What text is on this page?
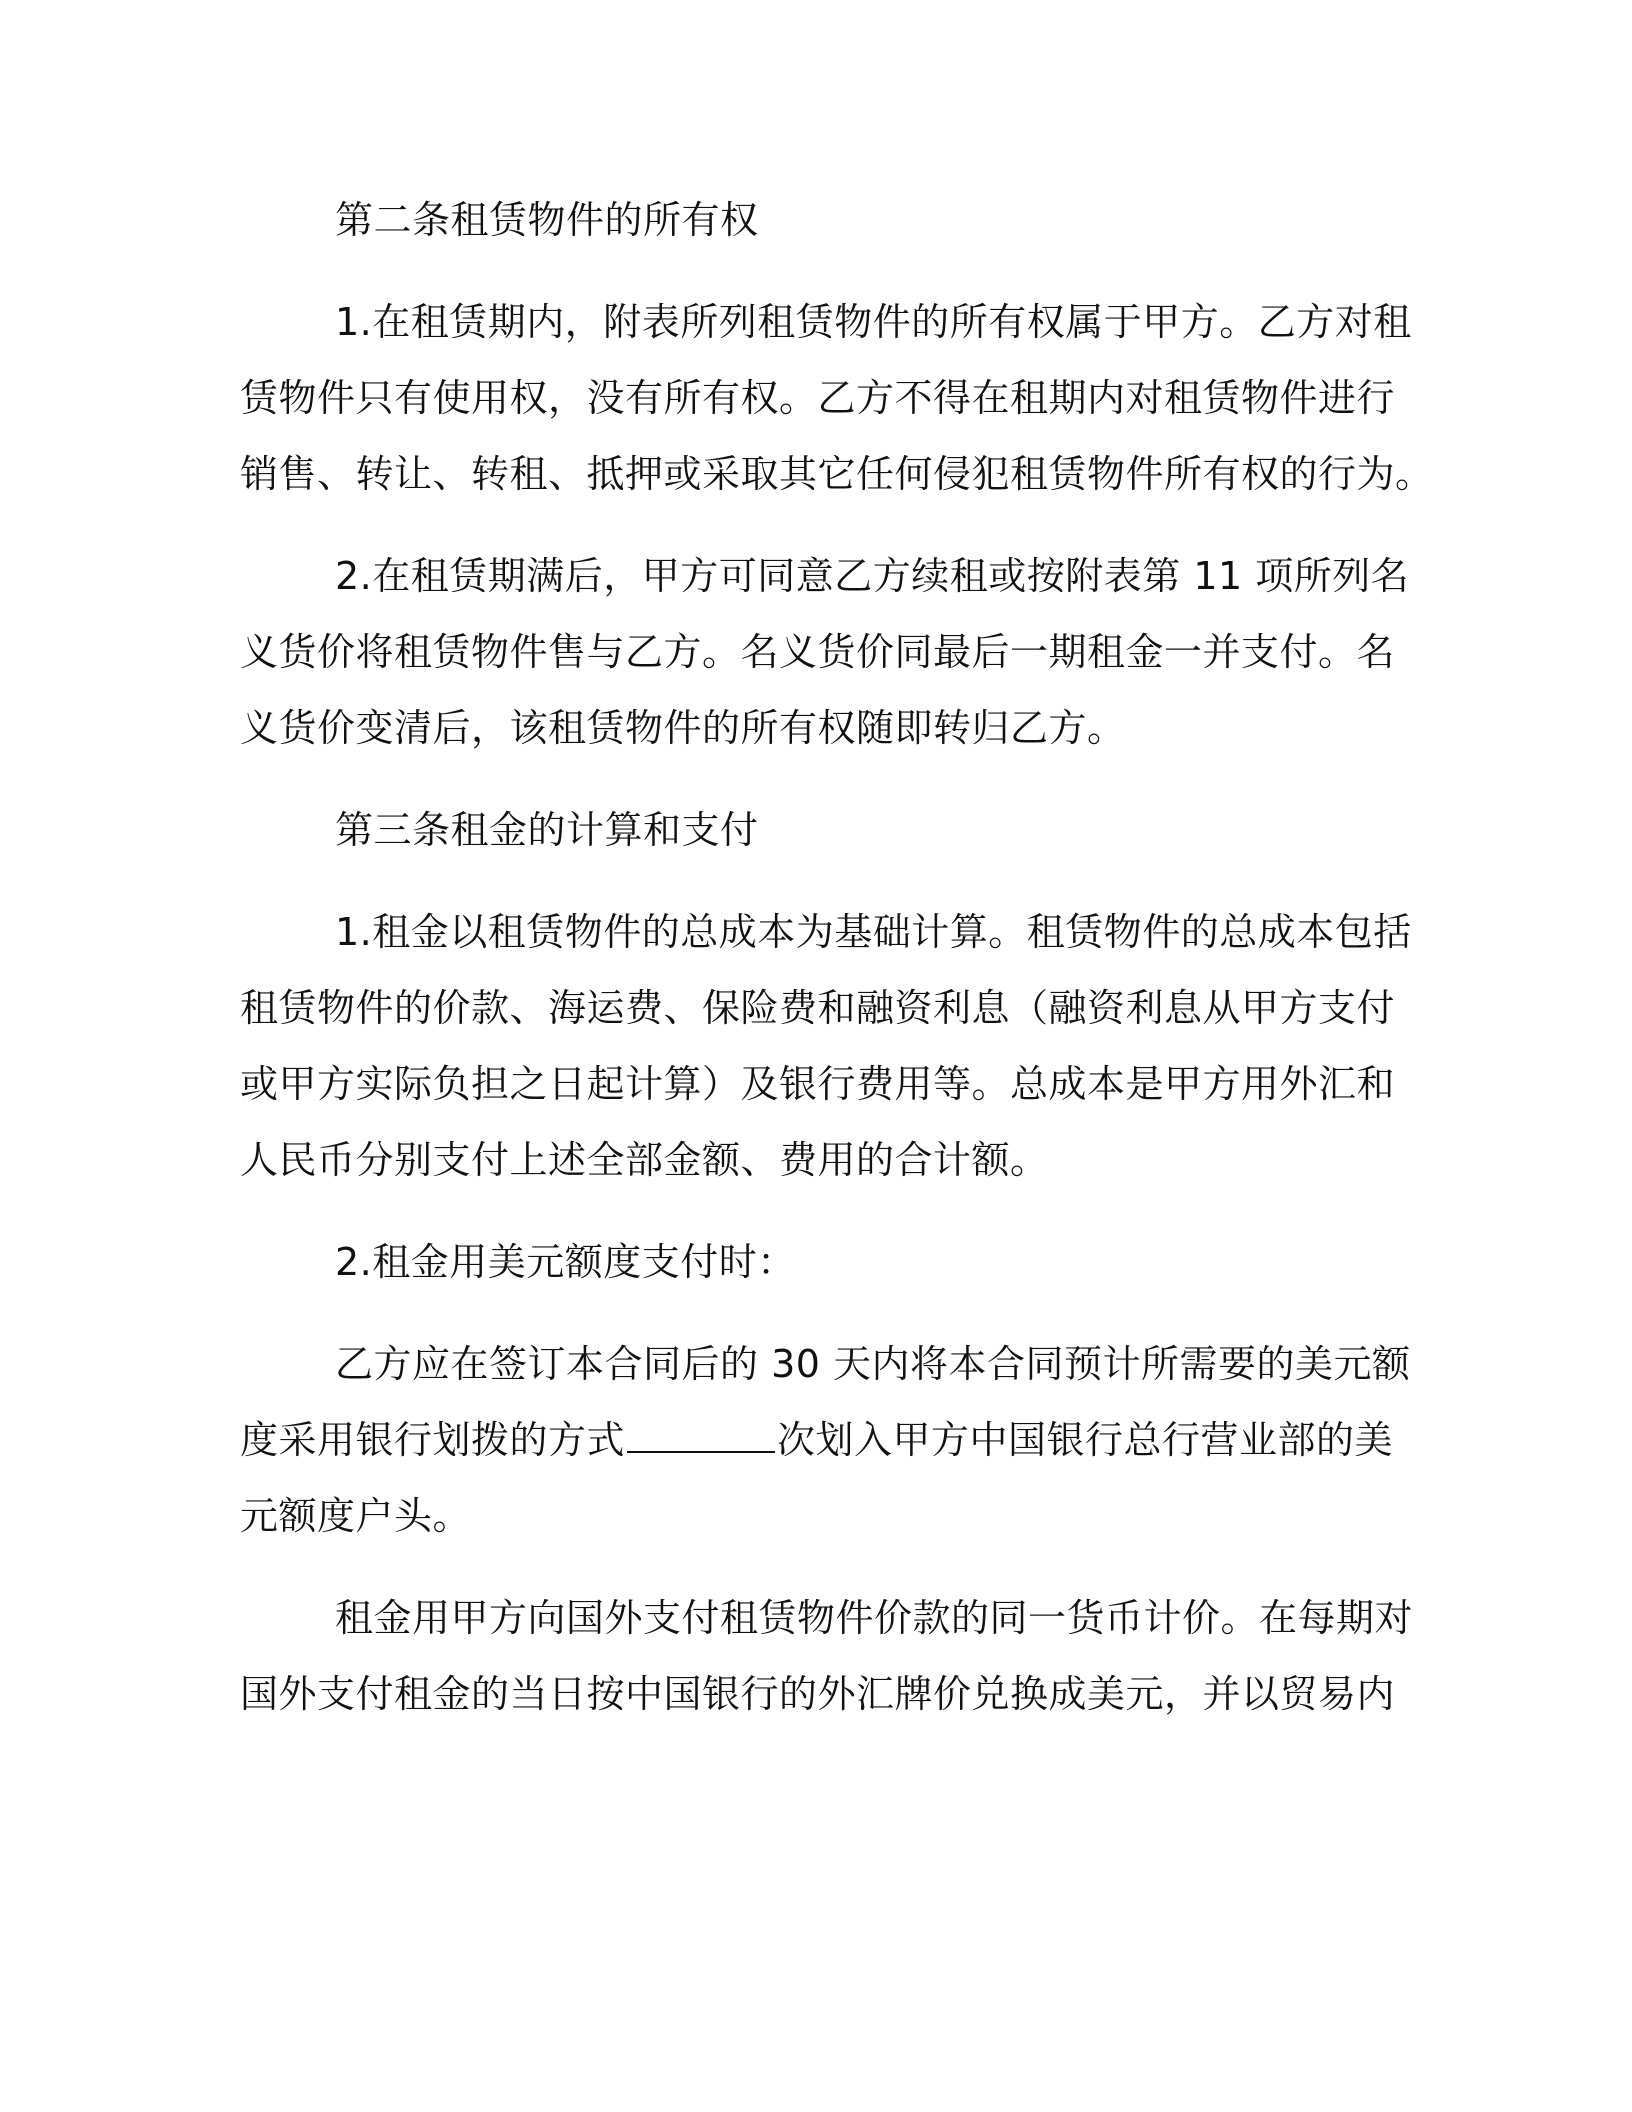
第二条租赁物件的所有权
1.在租赁期内，附表所列租赁物件的所有权属于甲方。乙方对租
赁物件只有使用权，没有所有权。乙方不得在租期内对租赁物件进行
销售、转让、转租、抵押或采取其它任何侵犯租赁物件所有权的行为。
2.在租赁期满后，甲方可同意乙方续租或按附表第 11 项所列名
义货价将租赁物件售与乙方。名义货价同最后一期租金一并支付。名
义货价变清后，该租赁物件的所有权随即转归乙方。
第三条租金的计算和支付
1.租金以租赁物件的总成本为基础计算。租赁物件的总成本包括
租赁物件的价款、海运费、保险费和融资利息（融资利息从甲方支付
或甲方实际负担之日起计算）及银行费用等。总成本是甲方用外汇和
人民币分别支付上述全部金额、费用的合计额。
2.租金用美元额度支付时：
乙方应在签订本合同后的 30 天内将本合同预计所需要的美元额
度采用银行划拨的方式	次划入甲方中国银行总行营业部的美
元额度户头。
租金用甲方向国外支付租赁物件价款的同一货币计价。在每期对
国外支付租金的当日按中国银行的外汇牌价兑换成美元，并以贸易内
